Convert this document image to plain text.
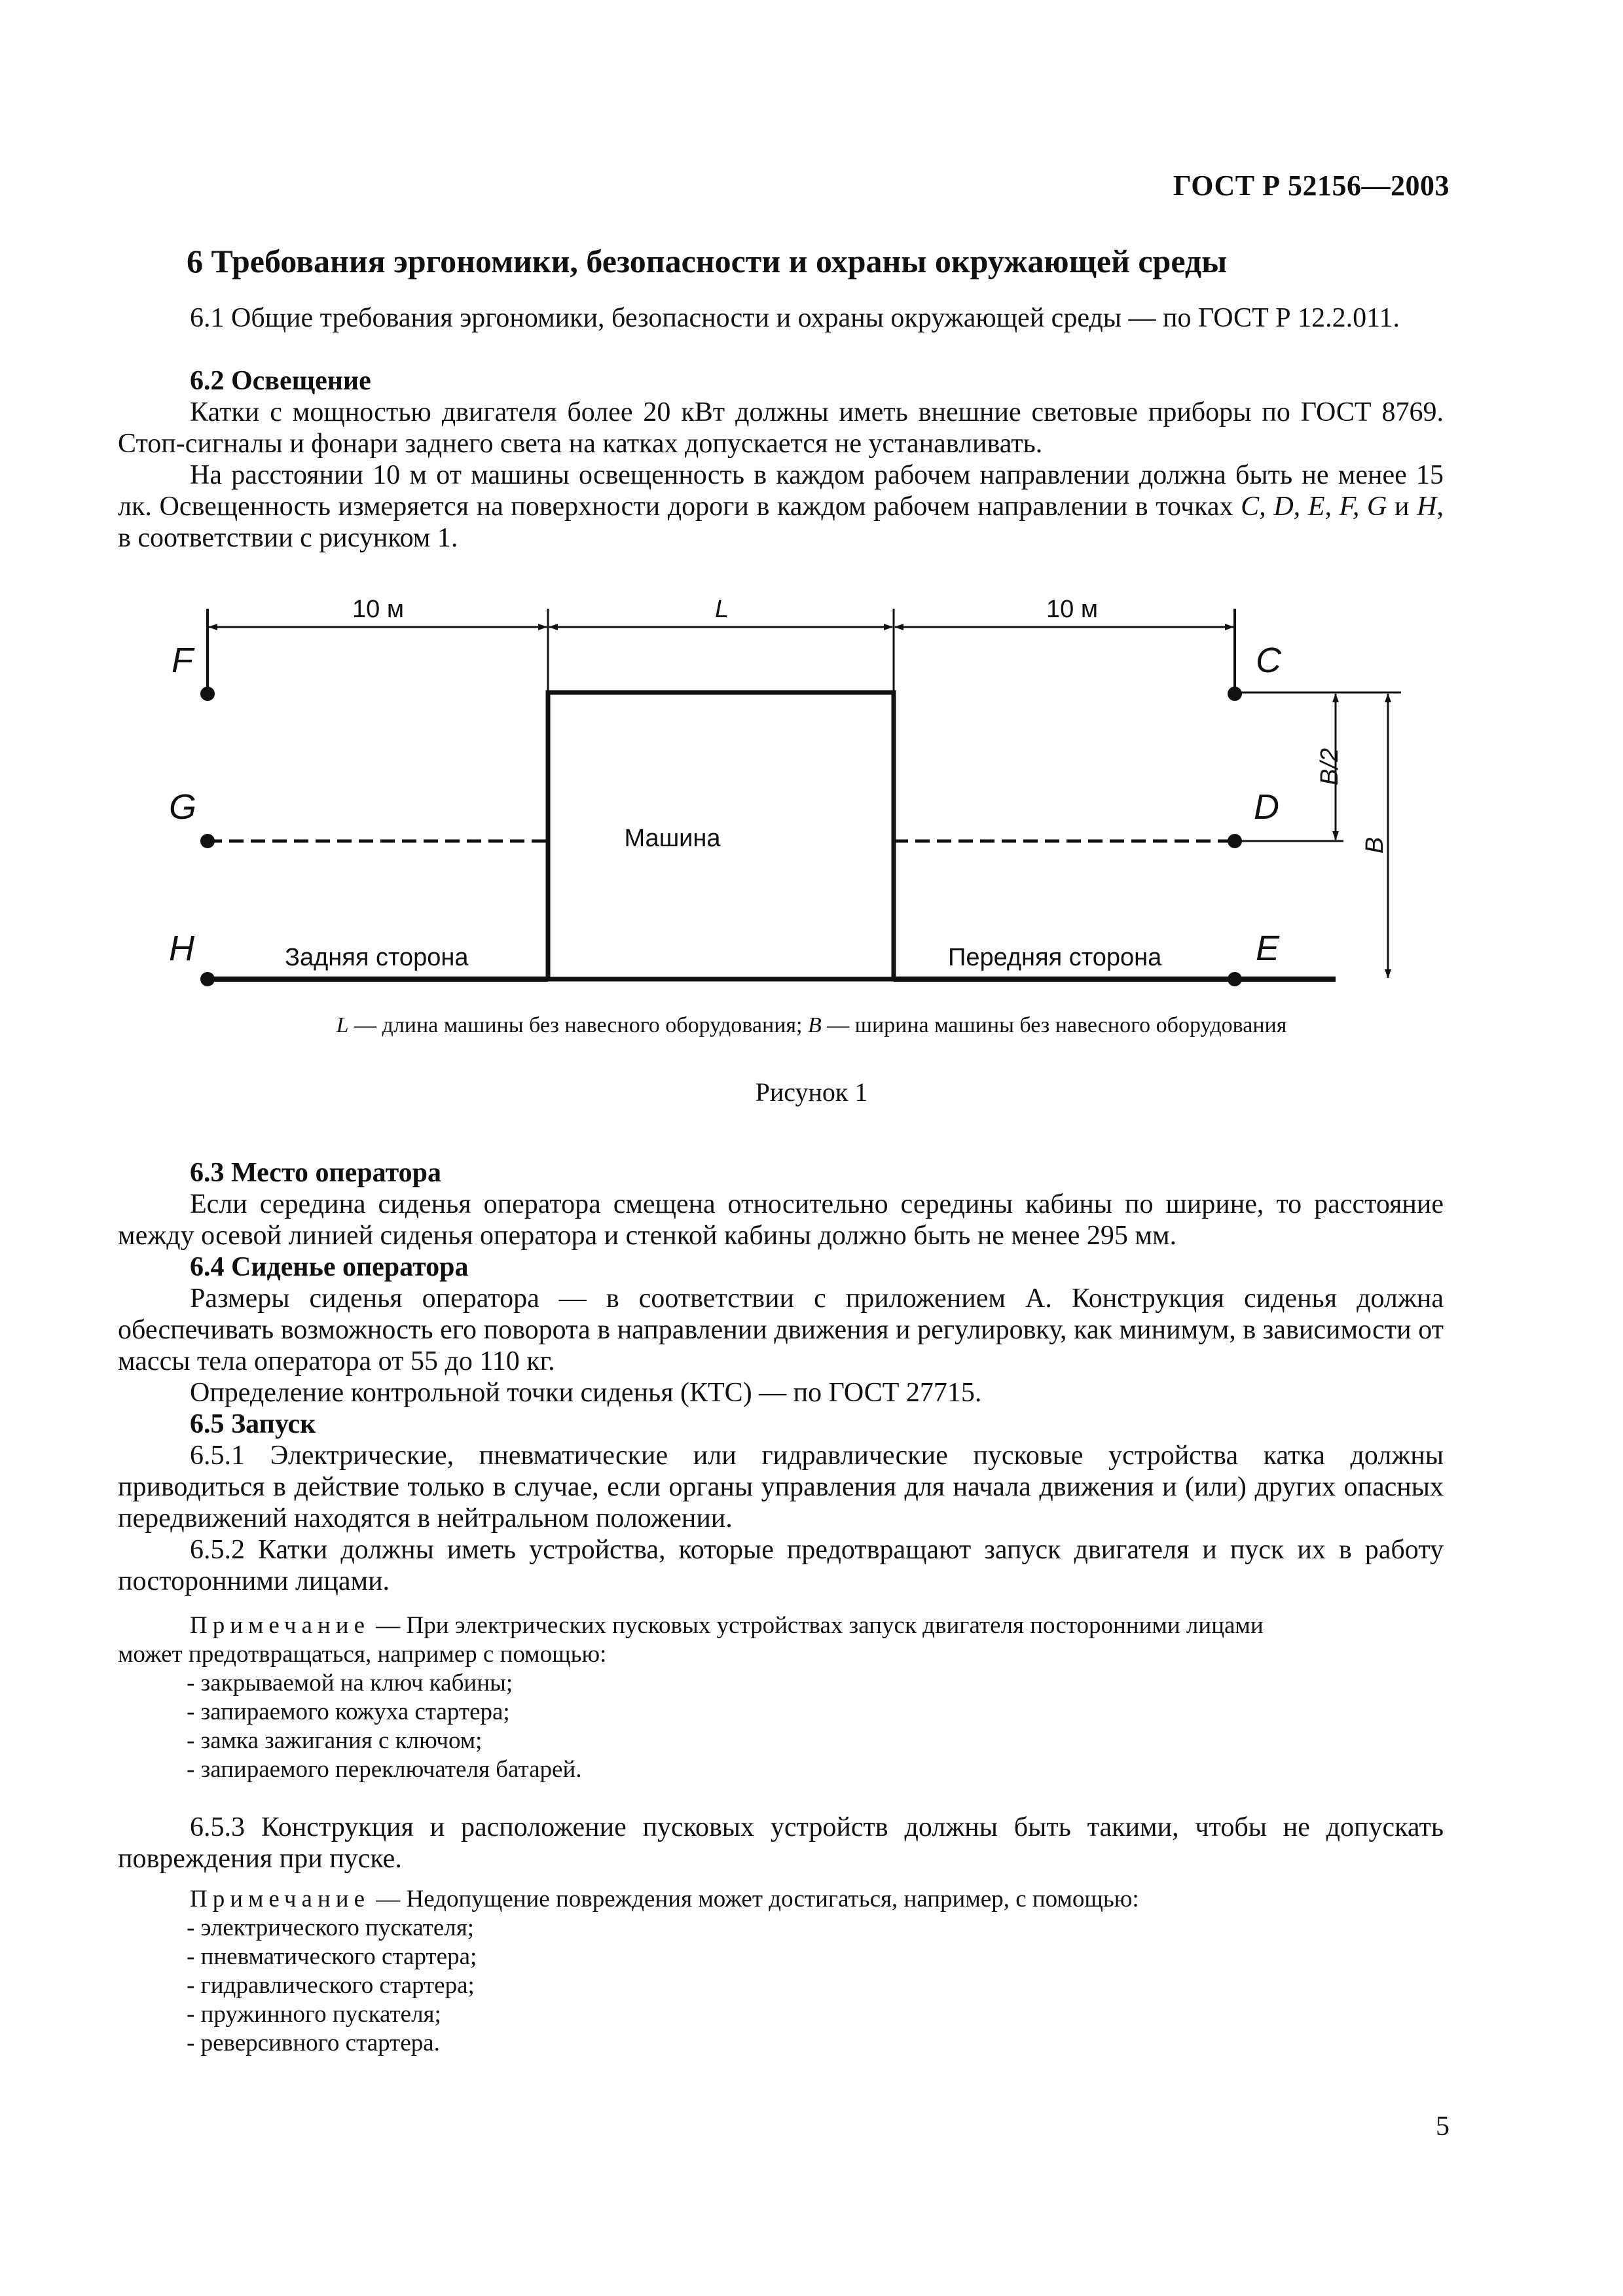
ГОСТ Р 52156—2003
6 Требования эргономики, безопасности и охраны окружающей среды

6.1 Общие требования эргономики, безопасности и охраны окружающей среды — по ГОСТ Р 12.2.011.

6.2 Освещение

Катки с мощностью двигателя более 20 кВт должны иметь внешние световые приборы по ГОСТ 8769. Стоп-сигналы и фонари заднего света на катках допускается не устанавливать.

На расстоянии 10 м от машины освещенность в каждом рабочем направлении должна быть не менее 15 лк. Освещенность измеряется на поверхности дороги в каждом рабочем направлении в точках C, D, E, F, G и H, в соответствии с рисунком 1.

10 м	L	10 м
F
G
H
C
D
E
Машина
Задняя сторона	Передняя сторона
B/2
B
L — длина машины без навесного оборудования; B — ширина машины без навесного оборудования
Рисунок 1

6.3 Место оператора

Если середина сиденья оператора смещена относительно середины кабины по ширине, то расстояние между осевой линией сиденья оператора и стенкой кабины должно быть не менее 295 мм.

6.4 Сиденье оператора

Размеры сиденья оператора — в соответствии с приложением А. Конструкция сиденья должна обеспечивать возможность его поворота в направлении движения и регулировку, как минимум, в зависимости от массы тела оператора от 55 до 110 кг.

Определение контрольной точки сиденья (КТС) — по ГОСТ 27715.

6.5 Запуск

6.5.1 Электрические, пневматические или гидравлические пусковые устройства катка должны приводиться в действие только в случае, если органы управления для начала движения и (или) других опасных передвижений находятся в нейтральном положении.

6.5.2 Катки должны иметь устройства, которые предотвращают запуск двигателя и пуск их в работу посторонними лицами.

Примечание — При электрических пусковых устройствах запуск двигателя посторонними лицами

может предотвращаться, например с помощью:

- закрываемой на ключ кабины;
- запираемого кожуха стартера;
- замка зажигания с ключом;
- запираемого переключателя батарей.

6.5.3 Конструкция и расположение пусковых устройств должны быть такими, чтобы не допускать повреждения при пуске.

Примечание — Недопущение повреждения может достигаться, например, с помощью:

- электрического пускателя;
- пневматического стартера;
- гидравлического стартера;
- пружинного пускателя;
- реверсивного стартера.
5
